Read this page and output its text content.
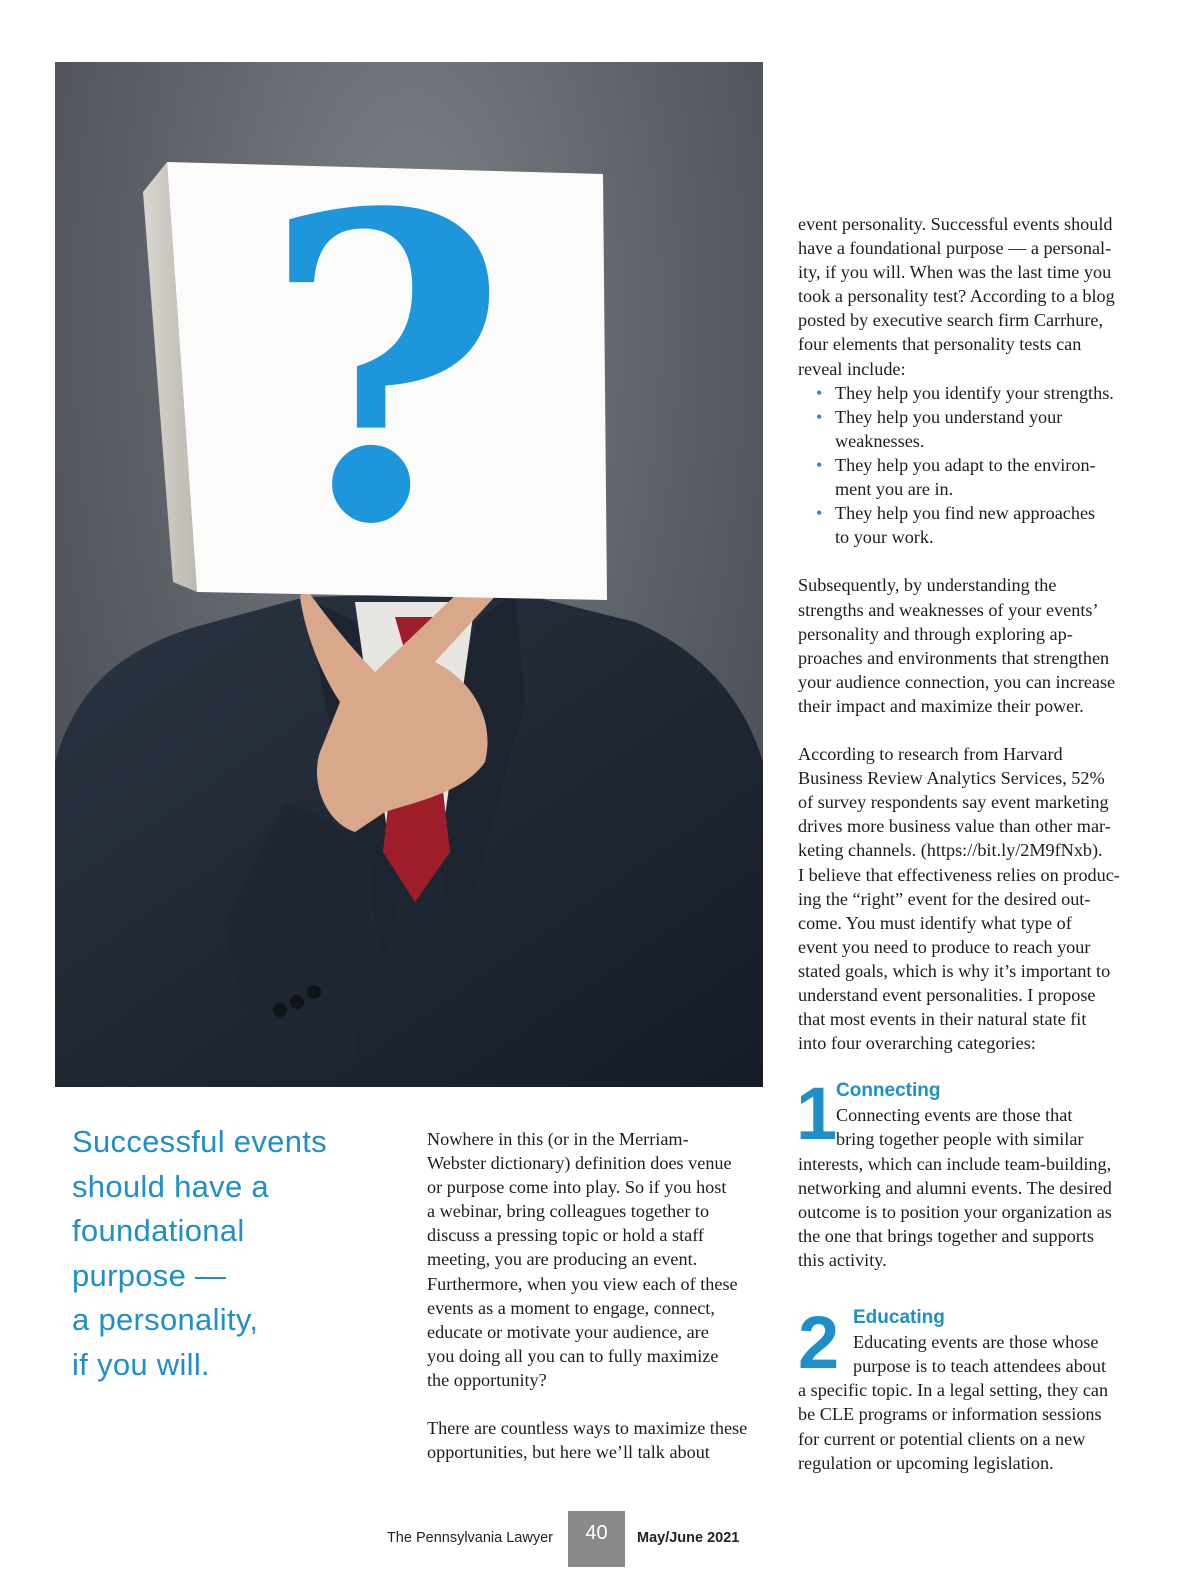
?
Successful events
should have a
foundational
purpose —
a personality,
if you will.
Nowhere in this (or in the Merriam-
Webster dictionary) definition does venue
or purpose come into play. So if you host
a webinar, bring colleagues together to
discuss a pressing topic or hold a staff
meeting, you are producing an event.
Furthermore, when you view each of these
events as a moment to engage, connect,
educate or motivate your audience, are
you doing all you can to fully maximize
the opportunity?
There are countless ways to maximize these
opportunities, but here we’ll talk about
event personality. Successful events should
have a foundational purpose — a personal-
ity, if you will. When was the last time you
took a personality test? According to a blog
posted by executive search firm Carrhure,
four elements that personality tests can
reveal include:
• They help you identify your strengths.
• They help you understand your
weaknesses.
• They help you adapt to the environ-
ment you are in.
• They help you find new approaches
to your work.
Subsequently, by understanding the
strengths and weaknesses of your events’
personality and through exploring ap-
proaches and environments that strengthen
your audience connection, you can increase
their impact and maximize their power.
According to research from Harvard
Business Review Analytics Services, 52%
of survey respondents say event marketing
drives more business value than other mar-
keting channels. (https://bit.ly/2M9fNxb).
I believe that effectiveness relies on produc-
ing the “right” event for the desired out-
come. You must identify what type of
event you need to produce to reach your
stated goals, which is why it’s important to
understand event personalities. I propose
that most events in their natural state fit
into four overarching categories:
1
Connecting
Connecting events are those that
bring together people with similar
interests, which can include team-building,
networking and alumni events. The desired
outcome is to position your organization as
the one that brings together and supports
this activity.
2 Educating
Educating events are those whose
purpose is to teach attendees about
a specific topic. In a legal setting, they can
be CLE programs or information sessions
for current or potential clients on a new
regulation or upcoming legislation.
The Pennsylvania Lawyer	40	May/June 2021
